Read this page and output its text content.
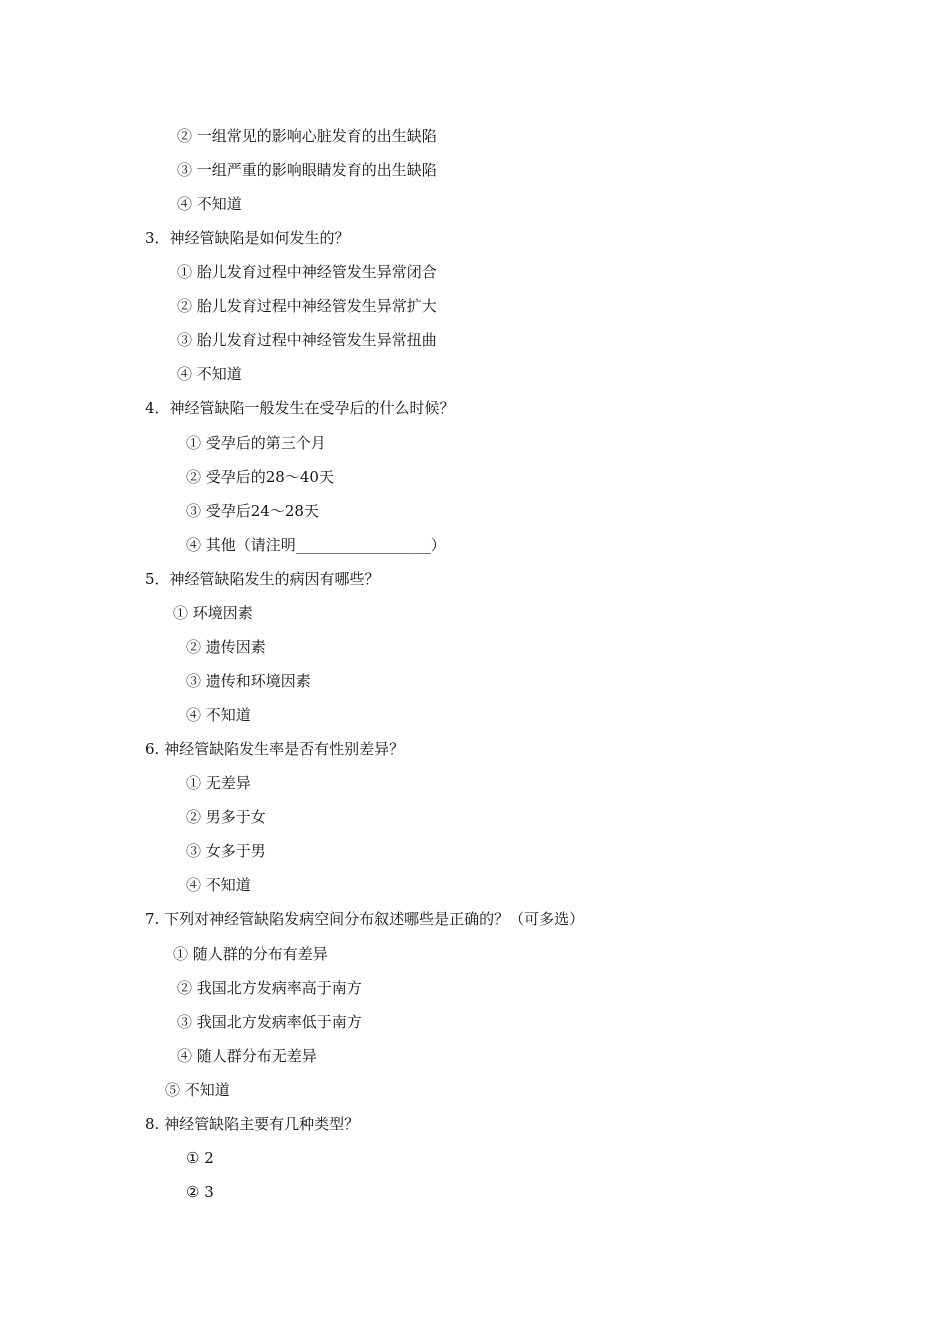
② 一组常见的影响心脏发育的出生缺陷
③ 一组严重的影响眼睛发育的出生缺陷
④ 不知道
3．神经管缺陷是如何发生的？
① 胎儿发育过程中神经管发生异常闭合
② 胎儿发育过程中神经管发生异常扩大
③ 胎儿发育过程中神经管发生异常扭曲
④ 不知道
4．神经管缺陷一般发生在受孕后的什么时候？
① 受孕后的第三个月
② 受孕后的28～40天
③ 受孕后24～28天
④ 其他（请注明__________________）
5．神经管缺陷发生的病因有哪些？
① 环境因素
② 遗传因素
③ 遗传和环境因素
④ 不知道
6. 神经管缺陷发生率是否有性别差异？
① 无差异
② 男多于女
③ 女多于男
④ 不知道
7. 下列对神经管缺陷发病空间分布叙述哪些是正确的？（可多选）
① 随人群的分布有差异
② 我国北方发病率高于南方
③ 我国北方发病率低于南方
④ 随人群分布无差异
⑤ 不知道
8. 神经管缺陷主要有几种类型？
① 2
② 3
